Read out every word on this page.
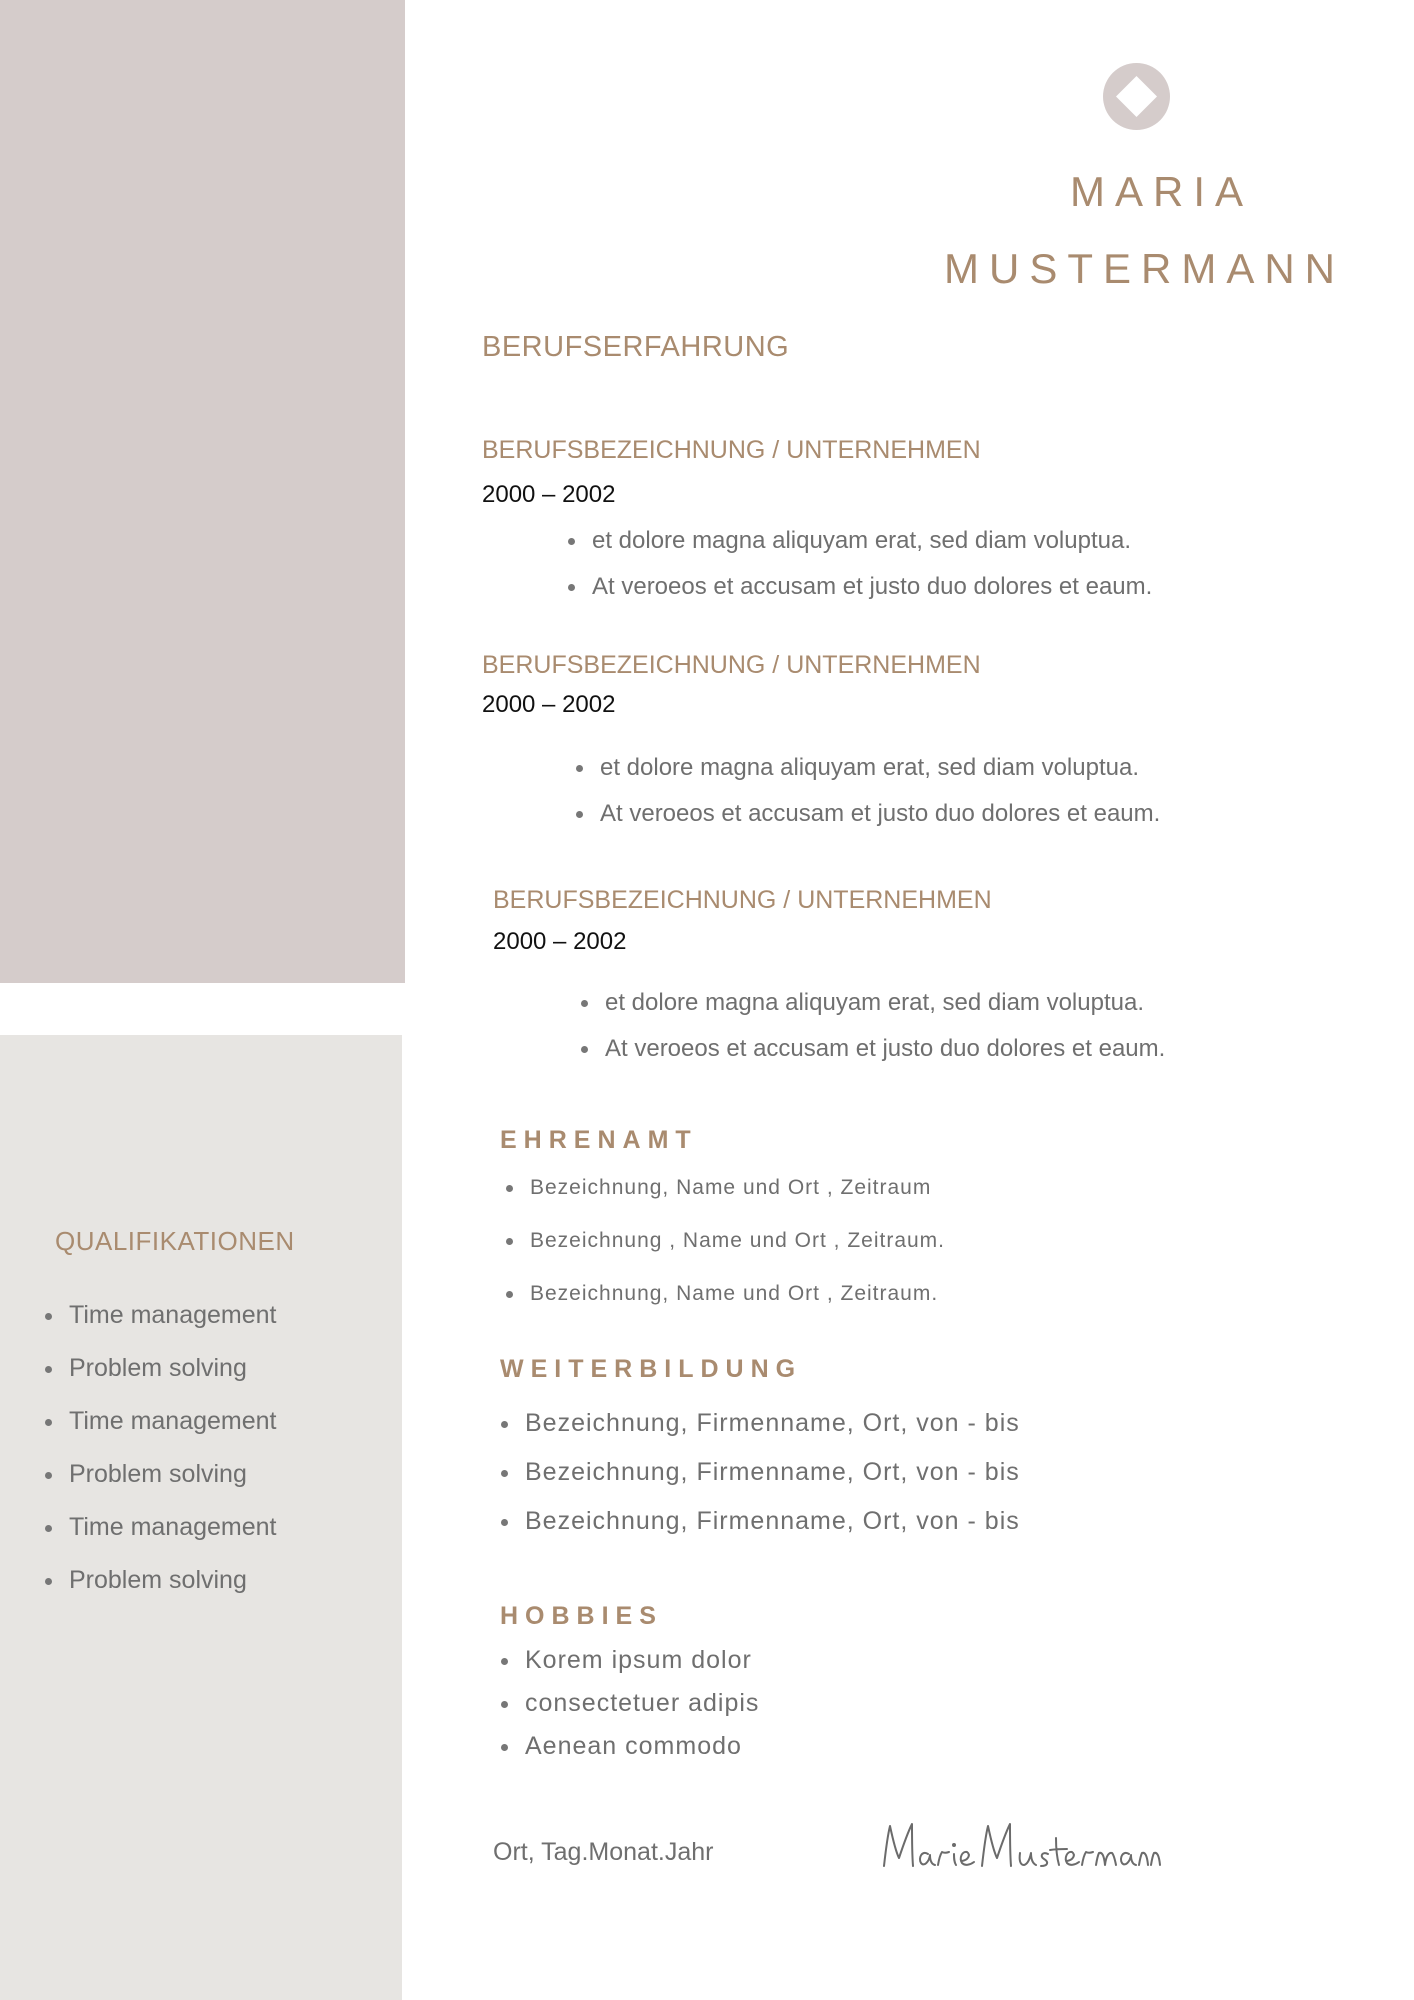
MARIA
MUSTERMANN
BERUFSERFAHRUNG
BERUFSBEZEICHNUNG / UNTERNEHMEN
2000 – 2002
et dolore magna aliquyam erat, sed diam voluptua.
At veroeos et accusam et justo duo dolores et eaum.
BERUFSBEZEICHNUNG / UNTERNEHMEN
2000 – 2002
et dolore magna aliquyam erat, sed diam voluptua.
At veroeos et accusam et justo duo dolores et eaum.
BERUFSBEZEICHNUNG / UNTERNEHMEN
2000 – 2002
et dolore magna aliquyam erat, sed diam voluptua.
At veroeos et accusam et justo duo dolores et eaum.
EHRENAMT
Bezeichnung, Name und Ort , Zeitraum
Bezeichnung , Name und Ort , Zeitraum.
Bezeichnung, Name und Ort , Zeitraum.
WEITERBILDUNG
Bezeichnung, Firmenname, Ort, von - bis
Bezeichnung, Firmenname, Ort, von - bis
Bezeichnung, Firmenname, Ort, von - bis
HOBBIES
Korem ipsum dolor
consectetuer adipis
Aenean commodo
QUALIFIKATIONEN
Time management
Problem solving
Time management
Problem solving
Time management
Problem solving
Ort, Tag.Monat.Jahr
